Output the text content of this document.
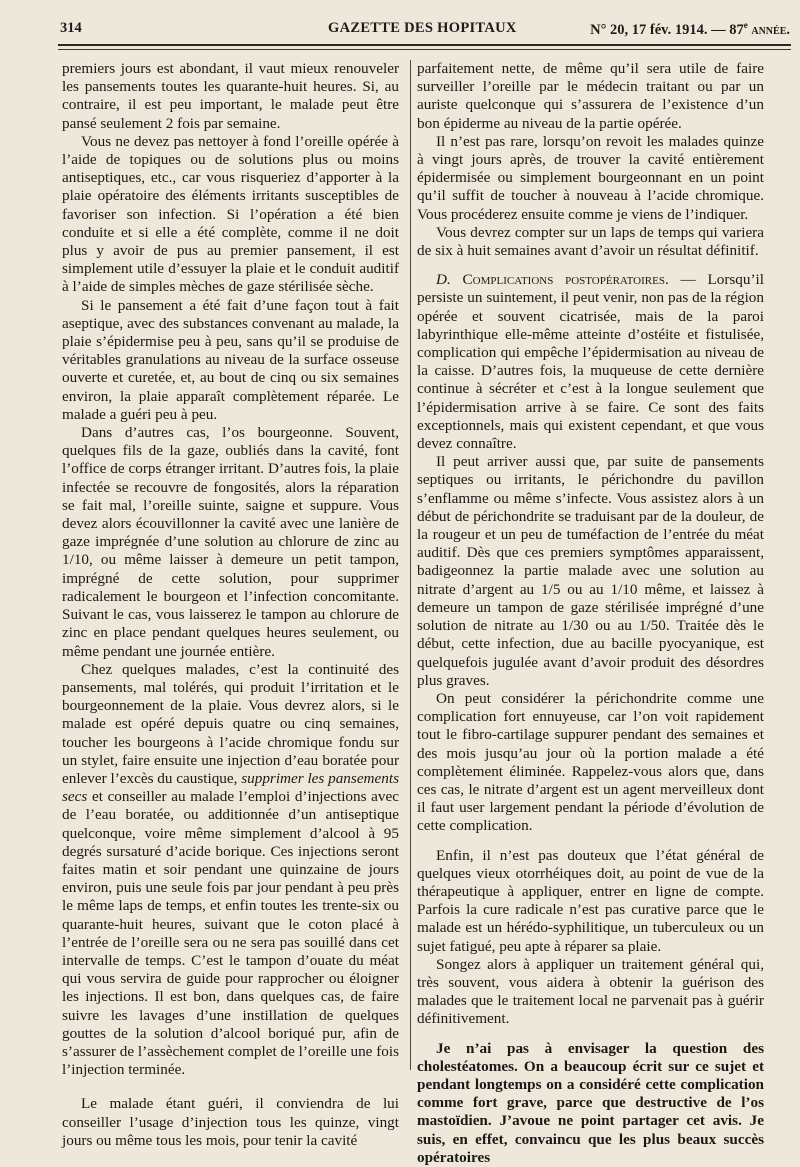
314	GAZETTE DES HOPITAUX	N° 20, 17 fév. 1914. — 87e année.

premiers jours est abondant, il vaut mieux renouveler les pansements toutes les quarante-huit heures. Si, au contraire, il est peu important, le malade peut être pansé seulement 2 fois par semaine.

Vous ne devez pas nettoyer à fond l’oreille opérée à l’aide de topiques ou de solutions plus ou moins antiseptiques, etc., car vous risqueriez d’apporter à la plaie opératoire des éléments irritants susceptibles de favoriser son infection. Si l’opération a été bien conduite et si elle a été complète, comme il ne doit plus y avoir de pus au premier pansement, il est simplement utile d’essuyer la plaie et le conduit auditif à l’aide de simples mèches de gaze stérilisée sèche.

Si le pansement a été fait d’une façon tout à fait aseptique, avec des substances convenant au malade, la plaie s’épidermise peu à peu, sans qu’il se produise de véritables granulations au niveau de la surface osseuse ouverte et curetée, et, au bout de cinq ou six semaines environ, la plaie apparaît complètement réparée. Le malade a guéri peu à peu.

Dans d’autres cas, l’os bourgeonne. Souvent, quelques fils de la gaze, oubliés dans la cavité, font l’office de corps étranger irritant. D’autres fois, la plaie infectée se recouvre de fongosités, alors la réparation se fait mal, l’oreille suinte, saigne et suppure. Vous devez alors écouvillonner la cavité avec une lanière de gaze imprégnée d’une solution au chlorure de zinc au 1/10, ou même laisser à demeure un petit tampon, imprégné de cette solution, pour supprimer radicalement le bourgeon et l’infection concomitante. Suivant le cas, vous laisserez le tampon au chlorure de zinc en place pendant quelques heures seulement, ou même pendant une journée entière.

Chez quelques malades, c’est la continuité des pansements, mal tolérés, qui produit l’irritation et le bourgeonnement de la plaie. Vous devrez alors, si le malade est opéré depuis quatre ou cinq semaines, toucher les bourgeons à l’acide chromique fondu sur un stylet, faire ensuite une injection d’eau boratée pour enlever l’excès du caustique, supprimer les pansements secs et conseiller au malade l’emploi d’injections avec de l’eau boratée, ou additionnée d’un antiseptique quelconque, voire même simplement d’alcool à 95 degrés sursaturé d’acide borique. Ces injections seront faites matin et soir pendant une quinzaine de jours environ, puis une seule fois par jour pendant à peu près le même laps de temps, et enfin toutes les trente-six ou quarante-huit heures, suivant que le coton placé à l’entrée de l’oreille sera ou ne sera pas souillé dans cet intervalle de temps. C’est le tampon d’ouate du méat qui vous servira de guide pour rapprocher ou éloigner les injections. Il est bon, dans quelques cas, de faire suivre les lavages d’une instillation de quelques gouttes de la solution d’alcool boriqué pur, afin de s’assurer de l’assèchement complet de l’oreille une fois l’injection terminée.

Le malade étant guéri, il conviendra de lui conseiller l’usage d’injection tous les quinze, vingt jours ou même tous les mois, pour tenir la cavité

parfaitement nette, de même qu’il sera utile de faire surveiller l’oreille par le médecin traitant ou par un auriste quelconque qui s’assurera de l’existence d’un bon épiderme au niveau de la partie opérée.

Il n’est pas rare, lorsqu’on revoit les malades quinze à vingt jours après, de trouver la cavité entièrement épidermisée ou simplement bourgeonnant en un point qu’il suffit de toucher à nouveau à l’acide chromique. Vous procéderez ensuite comme je viens de l’indiquer.

Vous devrez compter sur un laps de temps qui variera de six à huit semaines avant d’avoir un résultat définitif.

D. Complications postopératoires. — Lorsqu’il persiste un suintement, il peut venir, non pas de la région opérée et souvent cicatrisée, mais de la paroi labyrinthique elle-même atteinte d’ostéite et fistulisée, complication qui empêche l’épidermisation au niveau de la caisse. D’autres fois, la muqueuse de cette dernière continue à sécréter et c’est à la longue seulement que l’épidermisation arrive à se faire. Ce sont des faits exceptionnels, mais qui existent cependant, et que vous devez connaître.

Il peut arriver aussi que, par suite de pansements septiques ou irritants, le périchondre du pavillon s’enflamme ou même s’infecte. Vous assistez alors à un début de périchondrite se traduisant par de la douleur, de la rougeur et un peu de tuméfaction de l’entrée du méat auditif. Dès que ces premiers symptômes apparaissent, badigeonnez la partie malade avec une solution au nitrate d’argent au 1/5 ou au 1/10 même, et laissez à demeure un tampon de gaze stérilisée imprégné d’une solution de nitrate au 1/30 ou au 1/50. Traitée dès le début, cette infection, due au bacille pyocyanique, est quelquefois jugulée avant d’avoir produit des désordres plus graves.

On peut considérer la périchondrite comme une complication fort ennuyeuse, car l’on voit rapidement tout le fibro-cartilage suppurer pendant des semaines et des mois jusqu’au jour où la portion malade a été complètement éliminée. Rappelez-vous alors que, dans ces cas, le nitrate d’argent est un agent merveilleux dont il faut user largement pendant la période d’évolution de cette complication.

Enfin, il n’est pas douteux que l’état général de quelques vieux otorrhéiques doit, au point de vue de la thérapeutique à appliquer, entrer en ligne de compte. Parfois la cure radicale n’est pas curative parce que le malade est un hérédo-syphilitique, un tuberculeux ou un sujet fatigué, peu apte à réparer sa plaie.

Songez alors à appliquer un traitement général qui, très souvent, vous aidera à obtenir la guérison des malades que le traitement local ne parvenait pas à guérir définitivement.

Je n’ai pas à envisager la question des cholestéatomes. On a beaucoup écrit sur ce sujet et pendant longtemps on a considéré cette complication comme fort grave, parce que destructive de l’os mastoïdien. J’avoue ne point partager cet avis. Je suis, en effet, convaincu que les plus beaux succès opératoires
